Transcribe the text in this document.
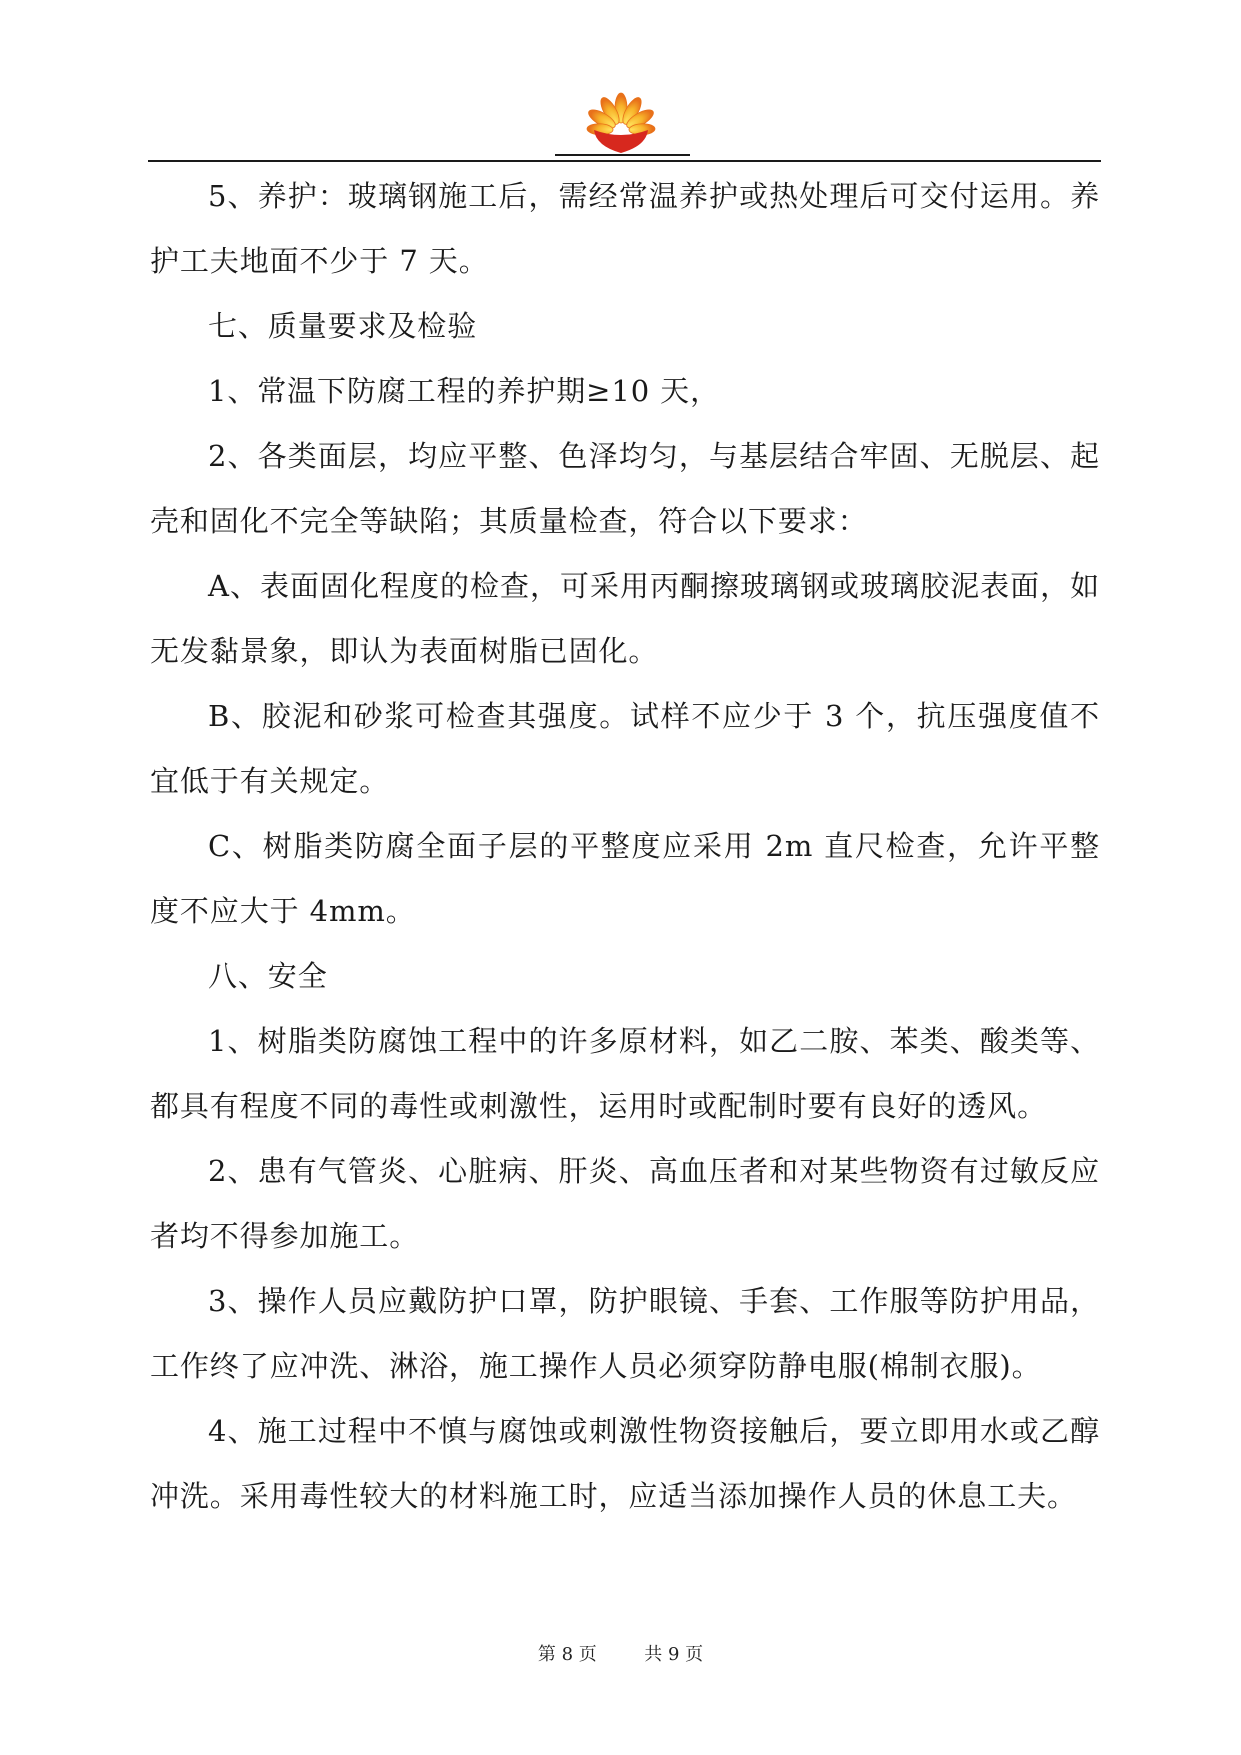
5、养护：玻璃钢施工后，需经常温养护或热处理后可交付运用。养护工夫地面不少于 7 天。

七、质量要求及检验

1、常温下防腐工程的养护期≥10 天，

2、各类面层，均应平整、色泽均匀，与基层结合牢固、无脱层、起壳和固化不完全等缺陷；其质量检查，符合以下要求：

A、表面固化程度的检查，可采用丙酮擦玻璃钢或玻璃胶泥表面，如无发黏景象，即认为表面树脂已固化。

B、胶泥和砂浆可检查其强度。试样不应少于 3 个，抗压强度值不宜低于有关规定。

C、树脂类防腐全面子层的平整度应采用 2m 直尺检查，允许平整度不应大于 4mm。

八、安全

1、树脂类防腐蚀工程中的许多原材料，如乙二胺、苯类、酸类等、都具有程度不同的毒性或刺激性，运用时或配制时要有良好的透风。

2、患有气管炎、心脏病、肝炎、高血压者和对某些物资有过敏反应者均不得参加施工。

3、操作人员应戴防护口罩，防护眼镜、手套、工作服等防护用品，工作终了应冲洗、淋浴，施工操作人员必须穿防静电服(棉制衣服)。

4、施工过程中不慎与腐蚀或刺激性物资接触后，要立即用水或乙醇冲洗。采用毒性较大的材料施工时，应适当添加操作人员的休息工夫。

第 8 页	共 9 页
